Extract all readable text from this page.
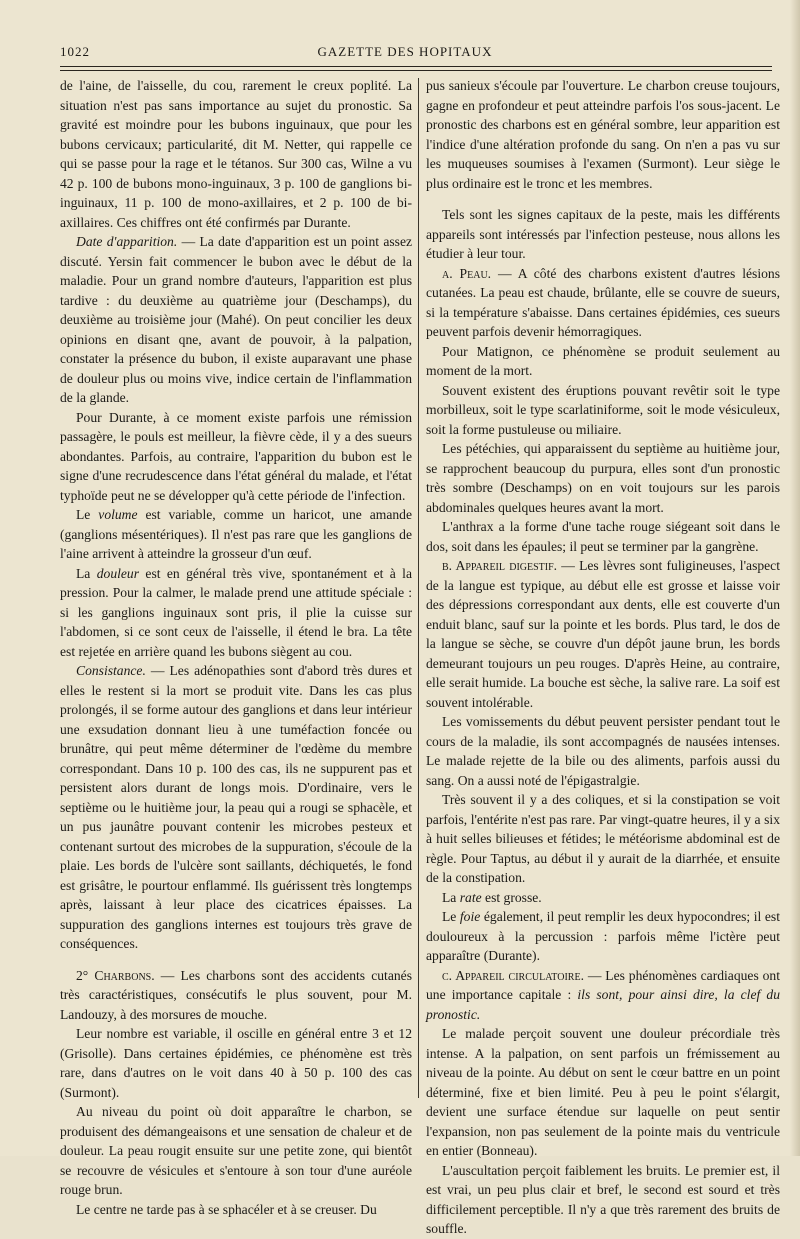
1022	GAZETTE DES HOPITAUX

de l'aine, de l'aisselle, du cou, rarement le creux poplité. La situation n'est pas sans importance au sujet du pronostic. Sa gravité est moindre pour les bubons inguinaux, que pour les bubons cervicaux; particularité, dit M. Netter, qui rappelle ce qui se passe pour la rage et le tétanos. Sur 300 cas, Wilne a vu 42 p. 100 de bubons mono-inguinaux, 3 p. 100 de ganglions bi-inguinaux, 11 p. 100 de mono-axillaires, et 2 p. 100 de bi-axillaires. Ces chiffres ont été confirmés par Durante.

Date d'apparition. — La date d'apparition est un point assez discuté. Yersin fait commencer le bubon avec le début de la maladie. Pour un grand nombre d'auteurs, l'apparition est plus tardive : du deuxième au quatrième jour (Deschamps), du deuxième au troisième jour (Mahé). On peut concilier les deux opinions en disant qne, avant de pouvoir, à la palpation, constater la présence du bubon, il existe auparavant une phase de douleur plus ou moins vive, indice certain de l'inflammation de la glande.

Pour Durante, à ce moment existe parfois une rémission passagère, le pouls est meilleur, la fièvre cède, il y a des sueurs abondantes. Parfois, au contraire, l'apparition du bubon est le signe d'une recrudescence dans l'état général du malade, et l'état typhoïde peut ne se développer qu'à cette période de l'infection.

Le volume est variable, comme un haricot, une amande (ganglions mésentériques). Il n'est pas rare que les ganglions de l'aine arrivent à atteindre la grosseur d'un œuf.

La douleur est en général très vive, spontanément et à la pression. Pour la calmer, le malade prend une attitude spéciale : si les ganglions inguinaux sont pris, il plie la cuisse sur l'abdomen, si ce sont ceux de l'aisselle, il étend le bra. La tête est rejetée en arrière quand les bubons siègent au cou.

Consistance. — Les adénopathies sont d'abord très dures et elles le restent si la mort se produit vite. Dans les cas plus prolongés, il se forme autour des ganglions et dans leur intérieur une exsudation donnant lieu à une tuméfaction foncée ou brunâtre, qui peut même déterminer de l'œdème du membre correspondant. Dans 10 p. 100 des cas, ils ne suppurent pas et persistent alors durant de longs mois. D'ordinaire, vers le septième ou le huitième jour, la peau qui a rougi se sphacèle, et un pus jaunâtre pouvant contenir les microbes pesteux et contenant surtout des microbes de la suppuration, s'écoule de la plaie. Les bords de l'ulcère sont saillants, déchiquetés, le fond est grisâtre, le pourtour enflammé. Ils guérissent très longtemps après, laissant à leur place des cicatrices épaisses. La suppuration des ganglions internes est toujours très grave de conséquences.

2° Charbons. — Les charbons sont des accidents cutanés très caractéristiques, consécutifs le plus souvent, pour M. Landouzy, à des morsures de mouche.

Leur nombre est variable, il oscille en général entre 3 et 12 (Grisolle). Dans certaines épidémies, ce phénomène est très rare, dans d'autres on le voit dans 40 à 50 p. 100 des cas (Surmont).

Au niveau du point où doit apparaître le charbon, se produisent des démangeaisons et une sensation de chaleur et de douleur. La peau rougit ensuite sur une petite zone, qui bientôt se recouvre de vésicules et s'entoure à son tour d'une auréole rouge brun.

Le centre ne tarde pas à se sphacéler et à se creuser. Du

pus sanieux s'écoule par l'ouverture. Le charbon creuse toujours, gagne en profondeur et peut atteindre parfois l'os sous-jacent. Le pronostic des charbons est en général sombre, leur apparition est l'indice d'une altération profonde du sang. On n'en a pas vu sur les muqueuses soumises à l'examen (Surmont). Leur siège le plus ordinaire est le tronc et les membres.

Tels sont les signes capitaux de la peste, mais les différents appareils sont intéressés par l'infection pesteuse, nous allons les étudier à leur tour.

a. Peau. — A côté des charbons existent d'autres lésions cutanées. La peau est chaude, brûlante, elle se couvre de sueurs, si la température s'abaisse. Dans certaines épidémies, ces sueurs peuvent parfois devenir hémorragiques.

Pour Matignon, ce phénomène se produit seulement au moment de la mort.

Souvent existent des éruptions pouvant revêtir soit le type morbilleux, soit le type scarlatiniforme, soit le mode vésiculeux, soit la forme pustuleuse ou miliaire.

Les pétéchies, qui apparaissent du septième au huitième jour, se rapprochent beaucoup du purpura, elles sont d'un pronostic très sombre (Deschamps) on en voit toujours sur les parois abdominales quelques heures avant la mort.

L'anthrax a la forme d'une tache rouge siégeant soit dans le dos, soit dans les épaules; il peut se terminer par la gangrène.

b. Appareil digestif. — Les lèvres sont fuligineuses, l'aspect de la langue est typique, au début elle est grosse et laisse voir des dépressions correspondant aux dents, elle est couverte d'un enduit blanc, sauf sur la pointe et les bords. Plus tard, le dos de la langue se sèche, se couvre d'un dépôt jaune brun, les bords demeurant toujours un peu rouges. D'après Heine, au contraire, elle serait humide. La bouche est sèche, la salive rare. La soif est souvent intolérable.

Les vomissements du début peuvent persister pendant tout le cours de la maladie, ils sont accompagnés de nausées intenses. Le malade rejette de la bile ou des aliments, parfois aussi du sang. On a aussi noté de l'épigastralgie.

Très souvent il y a des coliques, et si la constipation se voit parfois, l'entérite n'est pas rare. Par vingt-quatre heures, il y a six à huit selles bilieuses et fétides; le météorisme abdominal est de règle. Pour Taptus, au début il y aurait de la diarrhée, et ensuite de la constipation.

La rate est grosse.

Le foie également, il peut remplir les deux hypocondres; il est douloureux à la percussion : parfois même l'ictère peut apparaître (Durante).

c. Appareil circulatoire. — Les phénomènes cardiaques ont une importance capitale : ils sont, pour ainsi dire, la clef du pronostic.

Le malade perçoit souvent une douleur précordiale très intense. A la palpation, on sent parfois un frémissement au niveau de la pointe. Au début on sent le cœur battre en un point déterminé, fixe et bien limité. Peu à peu le point s'élargit, devient une surface étendue sur laquelle on peut sentir l'expansion, non pas seulement de la pointe mais du ventricule en entier (Bonneau).

L'auscultation perçoit faiblement les bruits. Le premier est, il est vrai, un peu plus clair et bref, le second est sourd et très difficilement perceptible. Il n'y a que très rarement des bruits de souffle.
